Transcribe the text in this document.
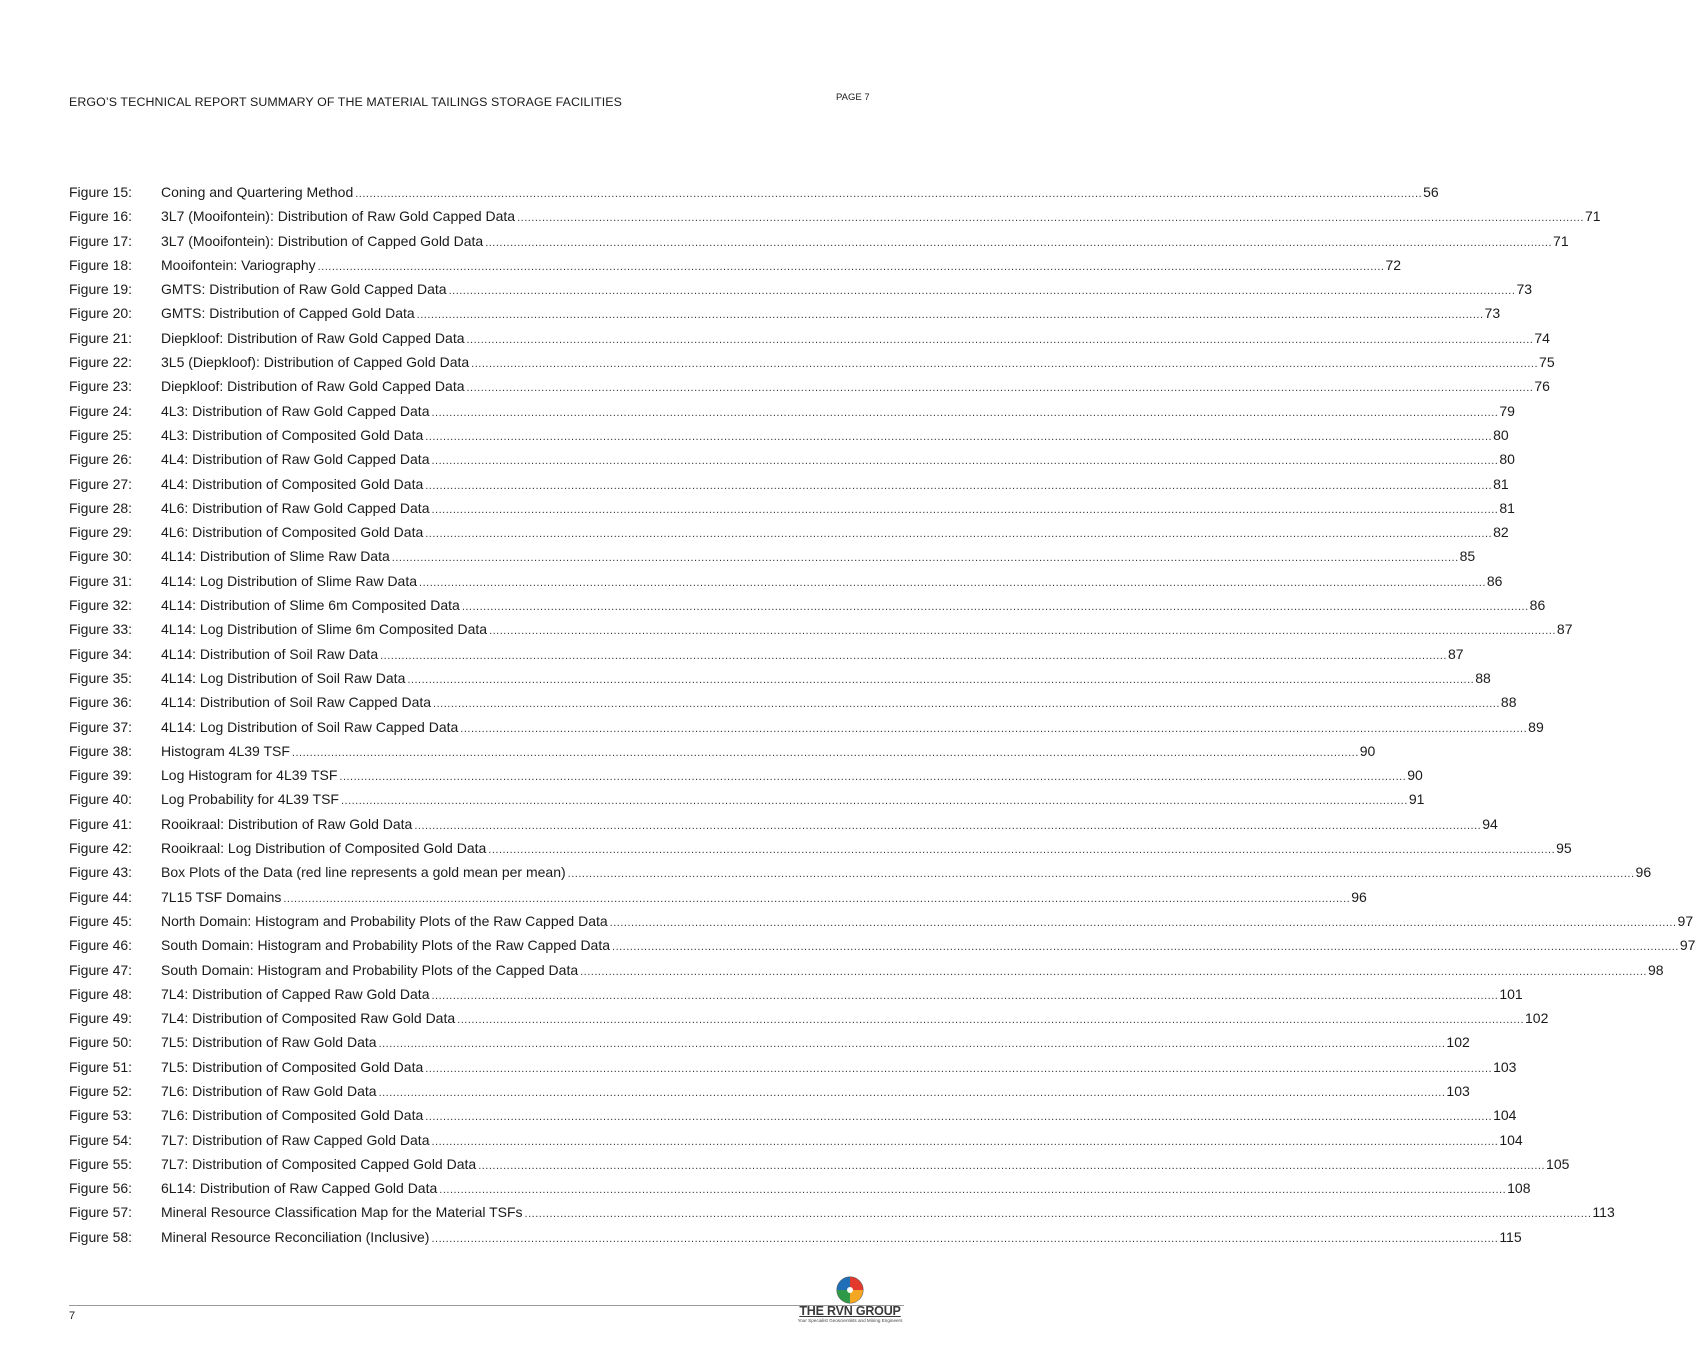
ERGO’S TECHNICAL REPORT SUMMARY OF THE MATERIAL TAILINGS STORAGE FACILITIES	PAGE 7
Figure 15:	Coning and Quartering Method ............................................................................................................................................................................................................................................................................................................ 56
Figure 16:	3L7 (Mooifontein): Distribution of Raw Gold Capped Data ............................................................................................................................................................................................................................................................................................................ 71
Figure 17:	3L7 (Mooifontein): Distribution of Capped Gold Data ............................................................................................................................................................................................................................................................................................................ 71
Figure 18:	Mooifontein: Variography ............................................................................................................................................................................................................................................................................................................ 72
Figure 19:	GMTS: Distribution of Raw Gold Capped Data ............................................................................................................................................................................................................................................................................................................ 73
Figure 20:	GMTS: Distribution of Capped Gold Data ............................................................................................................................................................................................................................................................................................................ 73
Figure 21:	Diepkloof: Distribution of Raw Gold Capped Data ............................................................................................................................................................................................................................................................................................................ 74
Figure 22:	3L5 (Diepkloof): Distribution of Capped Gold Data ............................................................................................................................................................................................................................................................................................................ 75
Figure 23:	Diepkloof: Distribution of Raw Gold Capped Data ............................................................................................................................................................................................................................................................................................................ 76
Figure 24:	4L3: Distribution of Raw Gold Capped Data ............................................................................................................................................................................................................................................................................................................ 79
Figure 25:	4L3: Distribution of Composited Gold Data ............................................................................................................................................................................................................................................................................................................ 80
Figure 26:	4L4: Distribution of Raw Gold Capped Data ............................................................................................................................................................................................................................................................................................................ 80
Figure 27:	4L4: Distribution of Composited Gold Data ............................................................................................................................................................................................................................................................................................................ 81
Figure 28:	4L6: Distribution of Raw Gold Capped Data ............................................................................................................................................................................................................................................................................................................ 81
Figure 29:	4L6: Distribution of Composited Gold Data ............................................................................................................................................................................................................................................................................................................ 82
Figure 30:	4L14: Distribution of Slime Raw Data ............................................................................................................................................................................................................................................................................................................ 85
Figure 31:	4L14: Log Distribution of Slime Raw Data ............................................................................................................................................................................................................................................................................................................ 86
Figure 32:	4L14: Distribution of Slime 6m Composited Data ............................................................................................................................................................................................................................................................................................................ 86
Figure 33:	4L14: Log Distribution of Slime 6m Composited Data ............................................................................................................................................................................................................................................................................................................ 87
Figure 34:	4L14: Distribution of Soil Raw Data ............................................................................................................................................................................................................................................................................................................ 87
Figure 35:	4L14: Log Distribution of Soil Raw Data ............................................................................................................................................................................................................................................................................................................ 88
Figure 36:	4L14: Distribution of Soil Raw Capped Data ............................................................................................................................................................................................................................................................................................................ 88
Figure 37:	4L14: Log Distribution of Soil Raw Capped Data ............................................................................................................................................................................................................................................................................................................ 89
Figure 38:	Histogram 4L39 TSF ............................................................................................................................................................................................................................................................................................................ 90
Figure 39:	Log Histogram for 4L39 TSF ............................................................................................................................................................................................................................................................................................................ 90
Figure 40:	Log Probability for 4L39 TSF ............................................................................................................................................................................................................................................................................................................ 91
Figure 41:	Rooikraal: Distribution of Raw Gold Data ............................................................................................................................................................................................................................................................................................................ 94
Figure 42:	Rooikraal: Log Distribution of Composited Gold Data ............................................................................................................................................................................................................................................................................................................ 95
Figure 43:	Box Plots of the Data (red line represents a gold mean per mean) ............................................................................................................................................................................................................................................................................................................ 96
Figure 44:	7L15 TSF Domains ............................................................................................................................................................................................................................................................................................................ 96
Figure 45:	North Domain: Histogram and Probability Plots of the Raw Capped Data ............................................................................................................................................................................................................................................................................................................ 97
Figure 46:	South Domain: Histogram and Probability Plots of the Raw Capped Data ............................................................................................................................................................................................................................................................................................................ 97
Figure 47:	South Domain: Histogram and Probability Plots of the Capped Data ............................................................................................................................................................................................................................................................................................................ 98
Figure 48:	7L4: Distribution of Capped Raw Gold Data ............................................................................................................................................................................................................................................................................................................ 101
Figure 49:	7L4: Distribution of Composited Raw Gold Data ............................................................................................................................................................................................................................................................................................................ 102
Figure 50:	7L5: Distribution of Raw Gold Data ............................................................................................................................................................................................................................................................................................................ 102
Figure 51:	7L5: Distribution of Composited Gold Data ............................................................................................................................................................................................................................................................................................................ 103
Figure 52:	7L6: Distribution of Raw Gold Data ............................................................................................................................................................................................................................................................................................................ 103
Figure 53:	7L6: Distribution of Composited Gold Data ............................................................................................................................................................................................................................................................................................................ 104
Figure 54:	7L7: Distribution of Raw Capped Gold Data ............................................................................................................................................................................................................................................................................................................ 104
Figure 55:	7L7: Distribution of Composited Capped Gold Data ............................................................................................................................................................................................................................................................................................................ 105
Figure 56:	6L14: Distribution of Raw Capped Gold Data ............................................................................................................................................................................................................................................................................................................ 108
Figure 57:	Mineral Resource Classification Map for the Material TSFs ............................................................................................................................................................................................................................................................................................................ 113
Figure 58:	Mineral Resource Reconciliation (Inclusive) ............................................................................................................................................................................................................................................................................................................ 115
7	THE RVN GROUP
Your Specialist Geoscientists and Mining Engineers
